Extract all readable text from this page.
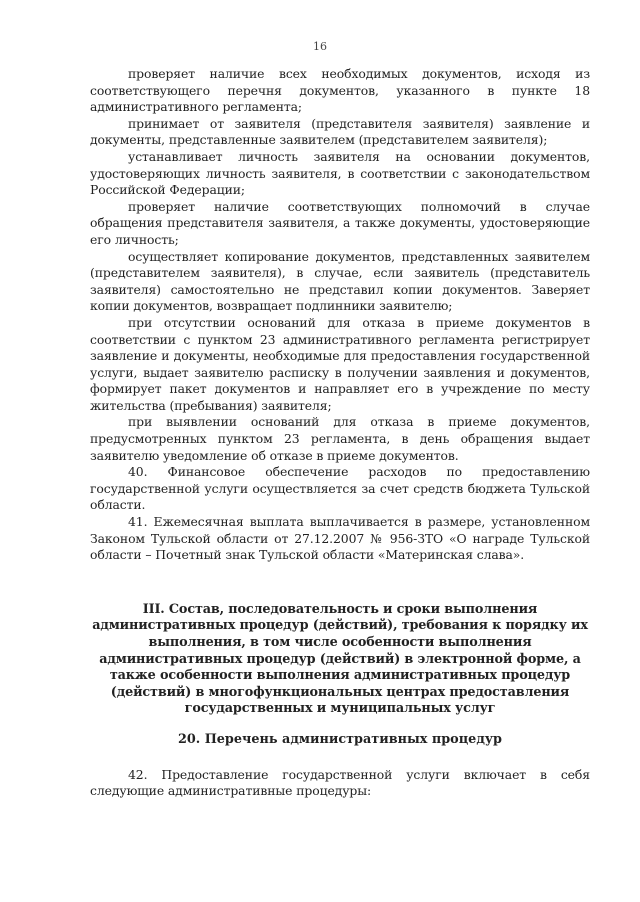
16

проверяет наличие всех необходимых документов, исходя из соответствующего перечня документов, указанного в пункте 18 административного регламента;

принимает от заявителя (представителя заявителя) заявление и документы, представленные заявителем (представителем заявителя);

устанавливает личность заявителя на основании документов, удостоверяющих личность заявителя, в соответствии с законодательством Российской Федерации;

проверяет наличие соответствующих полномочий в случае обращения представителя заявителя, а также документы, удостоверяющие его личность;

осуществляет копирование документов, представленных заявителем (представителем заявителя), в случае, если заявитель (представитель заявителя) самостоятельно не представил копии документов. Заверяет копии документов, возвращает подлинники заявителю;

при отсутствии оснований для отказа в приеме документов в соответствии с пунктом 23 административного регламента регистрирует заявление и документы, необходимые для предоставления государственной услуги, выдает заявителю расписку в получении заявления и документов, формирует пакет документов и направляет его в учреждение по месту жительства (пребывания) заявителя;

при выявлении оснований для отказа в приеме документов, предусмотренных пунктом 23 регламента, в день обращения выдает заявителю уведомление об отказе в приеме документов.

40. Финансовое обеспечение расходов по предоставлению государственной услуги осуществляется за счет средств бюджета Тульской области.

41. Ежемесячная выплата выплачивается в размере, установленном Законом Тульской области от 27.12.2007 № 956-ЗТО «О награде Тульской области – Почетный знак Тульской области «Материнская слава».

III. Состав, последовательность и сроки выполнения административных процедур (действий), требования к порядку их выполнения, в том числе особенности выполнения административных процедур (действий) в электронной форме, а также особенности выполнения административных процедур (действий) в многофункциональных центрах предоставления государственных и муниципальных услуг
20. Перечень административных процедур

42. Предоставление государственной услуги включает в себя следующие административные процедуры:
